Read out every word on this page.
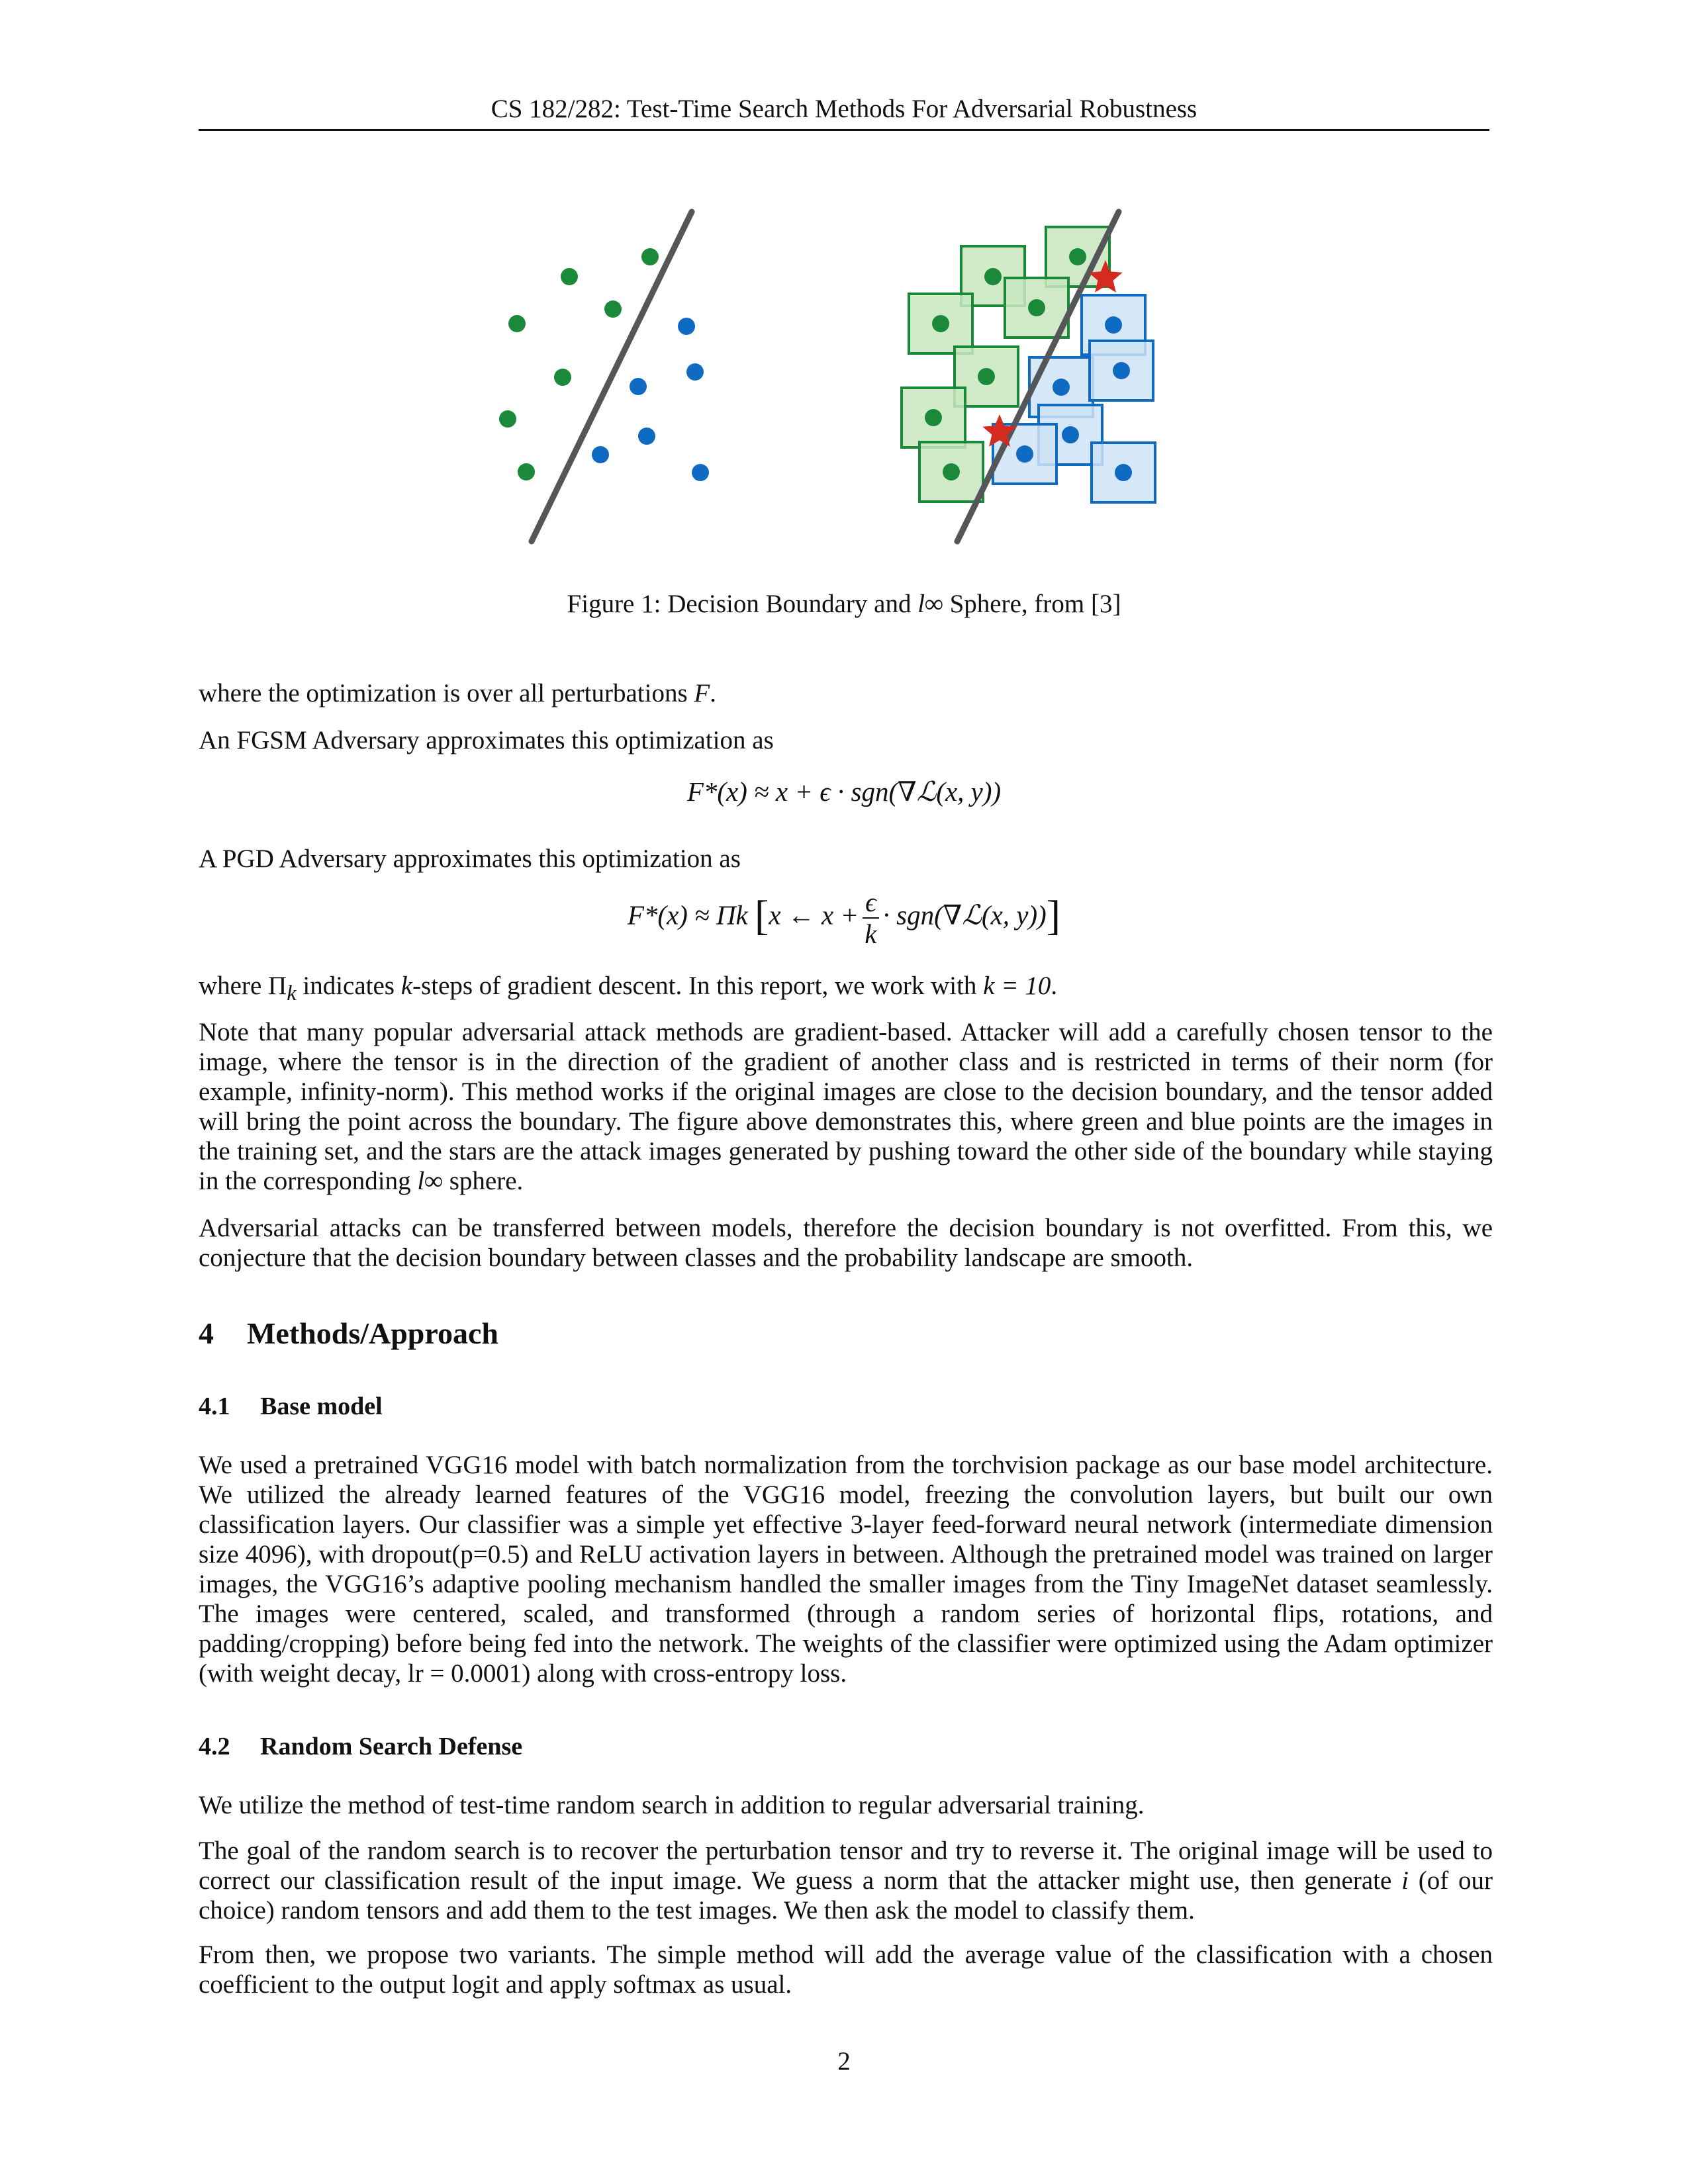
CS 182/282: Test-Time Search Methods For Adversarial Robustness
Figure 1: Decision Boundary and l∞ Sphere, from [3]
where the optimization is over all perturbations F.
An FGSM Adversary approximates this optimization as
F*(x) ≈ x + ϵ · sgn(∇ℒ(x, y))
A PGD Adversary approximates this optimization as
F*(x) ≈ Πk [x ← $x + \frac{\epsilon}{k}$ · sgn(∇ℒ(x, y))]
where $\Pi_k$ indicates k-steps of gradient descent. In this report, we work with k = 10.
Note that many popular adversarial attack methods are gradient-based. Attacker will add a carefully chosen tensor to the image, where the tensor is in the direction of the gradient of another class and is restricted in terms of their norm (for example, infinity-norm). This method works if the original images are close to the decision boundary, and the tensor added will bring the point across the boundary. The figure above demonstrates this, where green and blue points are the images in the training set, and the stars are the attack images generated by pushing toward the other side of the boundary while staying in the corresponding l∞ sphere.
Adversarial attacks can be transferred between models, therefore the decision boundary is not overfitted. From this, we conjecture that the decision boundary between classes and the probability landscape are smooth.
4 Methods/Approach
4.1 Base model
We used a pretrained VGG16 model with batch normalization from the torchvision package as our base model architecture. We utilized the already learned features of the VGG16 model, freezing the convolution layers, but built our own classification layers. Our classifier was a simple yet effective 3-layer feed-forward neural network (intermediate dimension size 4096), with dropout(p=0.5) and ReLU activation layers in between. Although the pretrained model was trained on larger images, the VGG16’s adaptive pooling mechanism handled the smaller images from the Tiny ImageNet dataset seamlessly. The images were centered, scaled, and transformed (through a random series of horizontal flips, rotations, and padding/cropping) before being fed into the network. The weights of the classifier were optimized using the Adam optimizer (with weight decay, lr = 0.0001) along with cross-entropy loss.
4.2 Random Search Defense
We utilize the method of test-time random search in addition to regular adversarial training.
The goal of the random search is to recover the perturbation tensor and try to reverse it. The original image will be used to correct our classification result of the input image. We guess a norm that the attacker might use, then generate i (of our choice) random tensors and add them to the test images. We then ask the model to classify them.
From then, we propose two variants. The simple method will add the average value of the classification with a chosen coefficient to the output logit and apply softmax as usual.
2
